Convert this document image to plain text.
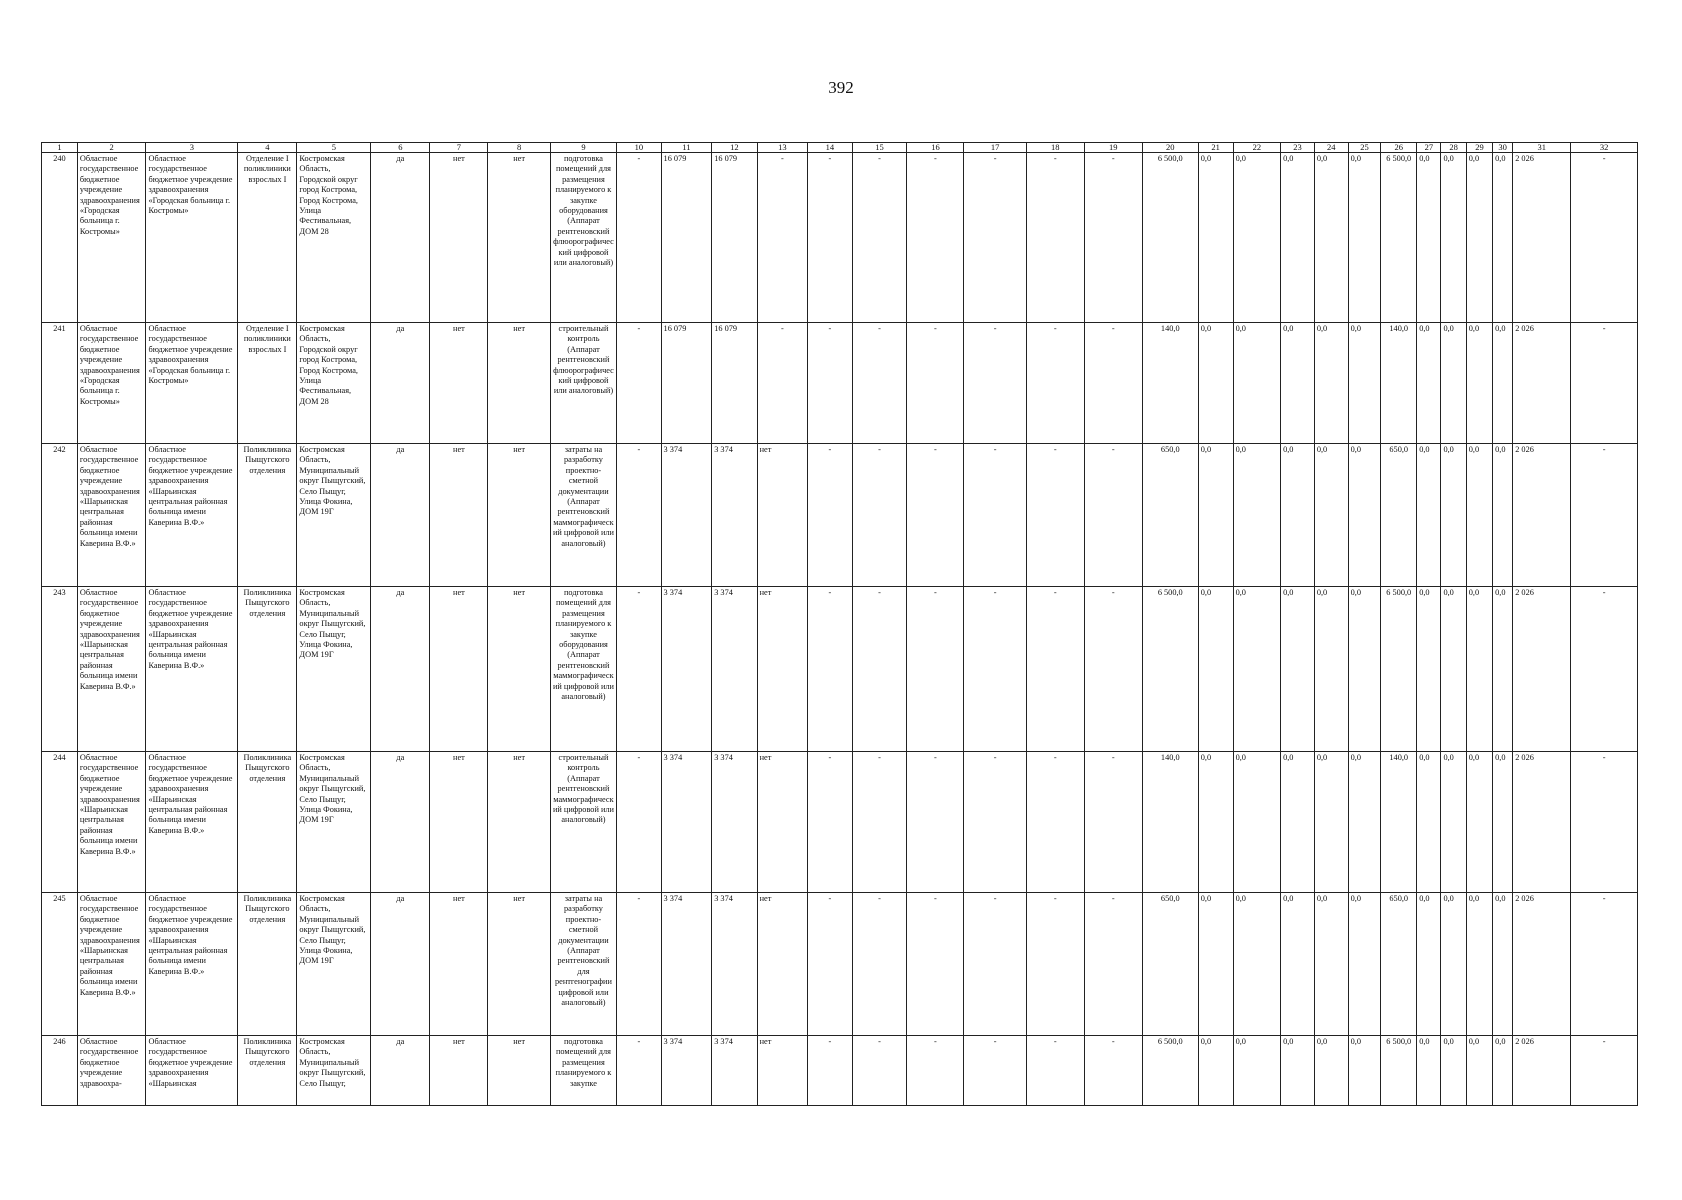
392
1	2	3	4	5	6	7	8	9	10	11	12	13	14	15	16	17	18	19	20	21	22	23	24	25	26	27	28	29	30	31	32
240	Областное государственное бюджетное учреждение здравоохранения «Городская больница г. Костромы»	Областное государственное бюджетное учреждение здравоохранения «Городская больница г. Костромы»	Отделение I поликлиники взрослых I	Костромская Область, Городской округ город Кострома, Город Кострома, Улица Фестивальная, ДОМ 28	да	нет	нет	подготовка помещений для размещения планируемого к закупке оборудования (Аппарат рентгеновский флюорографический цифровой или аналоговый)	-	16 079	16 079	-	-	-	-	-	-	-	6 500,0	0,0	0,0	0,0	0,0	0,0	6 500,0	0,0	0,0	0,0	0,0	2 026	-
241	Областное государственное бюджетное учреждение здравоохранения «Городская больница г. Костромы»	Областное государственное бюджетное учреждение здравоохранения «Городская больница г. Костромы»	Отделение I поликлиники взрослых I	Костромская Область, Городской округ город Кострома, Город Кострома, Улица Фестивальная, ДОМ 28	да	нет	нет	строительный контроль (Аппарат рентгеновский флюорографический цифровой или аналоговый)	-	16 079	16 079	-	-	-	-	-	-	-	140,0	0,0	0,0	0,0	0,0	0,0	140,0	0,0	0,0	0,0	0,0	2 026	-
242	Областное государственное бюджетное учреждение здравоохранения «Шарьинская центральная районная больница имени Каверина В.Ф.»	Областное государственное бюджетное учреждение здравоохранения «Шарьинская центральная районная больница имени Каверина В.Ф.»	Поликлиника Пыщугского отделения	Костромская Область, Муниципальный округ Пыщугский, Село Пыщуг, Улица Фокина, ДОМ 19Г	да	нет	нет	затраты на разработку проектно-сметной документации (Аппарат рентгеновский маммографический цифровой или аналоговый)	-	3 374	3 374	нет	-	-	-	-	-	-	650,0	0,0	0,0	0,0	0,0	0,0	650,0	0,0	0,0	0,0	0,0	2 026	-
243	Областное государственное бюджетное учреждение здравоохранения «Шарьинская центральная районная больница имени Каверина В.Ф.»	Областное государственное бюджетное учреждение здравоохранения «Шарьинская центральная районная больница имени Каверина В.Ф.»	Поликлиника Пыщугского отделения	Костромская Область, Муниципальный округ Пыщугский, Село Пыщуг, Улица Фокина, ДОМ 19Г	да	нет	нет	подготовка помещений для размещения планируемого к закупке оборудования (Аппарат рентгеновский маммографический цифровой или аналоговый)	-	3 374	3 374	нет	-	-	-	-	-	-	6 500,0	0,0	0,0	0,0	0,0	0,0	6 500,0	0,0	0,0	0,0	0,0	2 026	-
244	Областное государственное бюджетное учреждение здравоохранения «Шарьинская центральная районная больница имени Каверина В.Ф.»	Областное государственное бюджетное учреждение здравоохранения «Шарьинская центральная районная больница имени Каверина В.Ф.»	Поликлиника Пыщугского отделения	Костромская Область, Муниципальный округ Пыщугский, Село Пыщуг, Улица Фокина, ДОМ 19Г	да	нет	нет	строительный контроль (Аппарат рентгеновский маммографический цифровой или аналоговый)	-	3 374	3 374	нет	-	-	-	-	-	-	140,0	0,0	0,0	0,0	0,0	0,0	140,0	0,0	0,0	0,0	0,0	2 026	-
245	Областное государственное бюджетное учреждение здравоохранения «Шарьинская центральная районная больница имени Каверина В.Ф.»	Областное государственное бюджетное учреждение здравоохранения «Шарьинская центральная районная больница имени Каверина В.Ф.»	Поликлиника Пыщугского отделения	Костромская Область, Муниципальный округ Пыщугский, Село Пыщуг, Улица Фокина, ДОМ 19Г	да	нет	нет	затраты на разработку проектно-сметной документации (Аппарат рентгеновский для рентгенографии цифровой или аналоговый)	-	3 374	3 374	нет	-	-	-	-	-	-	650,0	0,0	0,0	0,0	0,0	0,0	650,0	0,0	0,0	0,0	0,0	2 026	-
246	Областное государственное бюджетное учреждение здравоохра-	Областное государственное бюджетное учреждение здравоохранения «Шарьинская	Поликлиника Пыщугского отделения	Костромская Область, Муниципальный округ Пыщугский, Село Пыщуг,	да	нет	нет	подготовка помещений для размещения планируемого к закупке	-	3 374	3 374	нет	-	-	-	-	-	-	6 500,0	0,0	0,0	0,0	0,0	0,0	6 500,0	0,0	0,0	0,0	0,0	2 026	-
